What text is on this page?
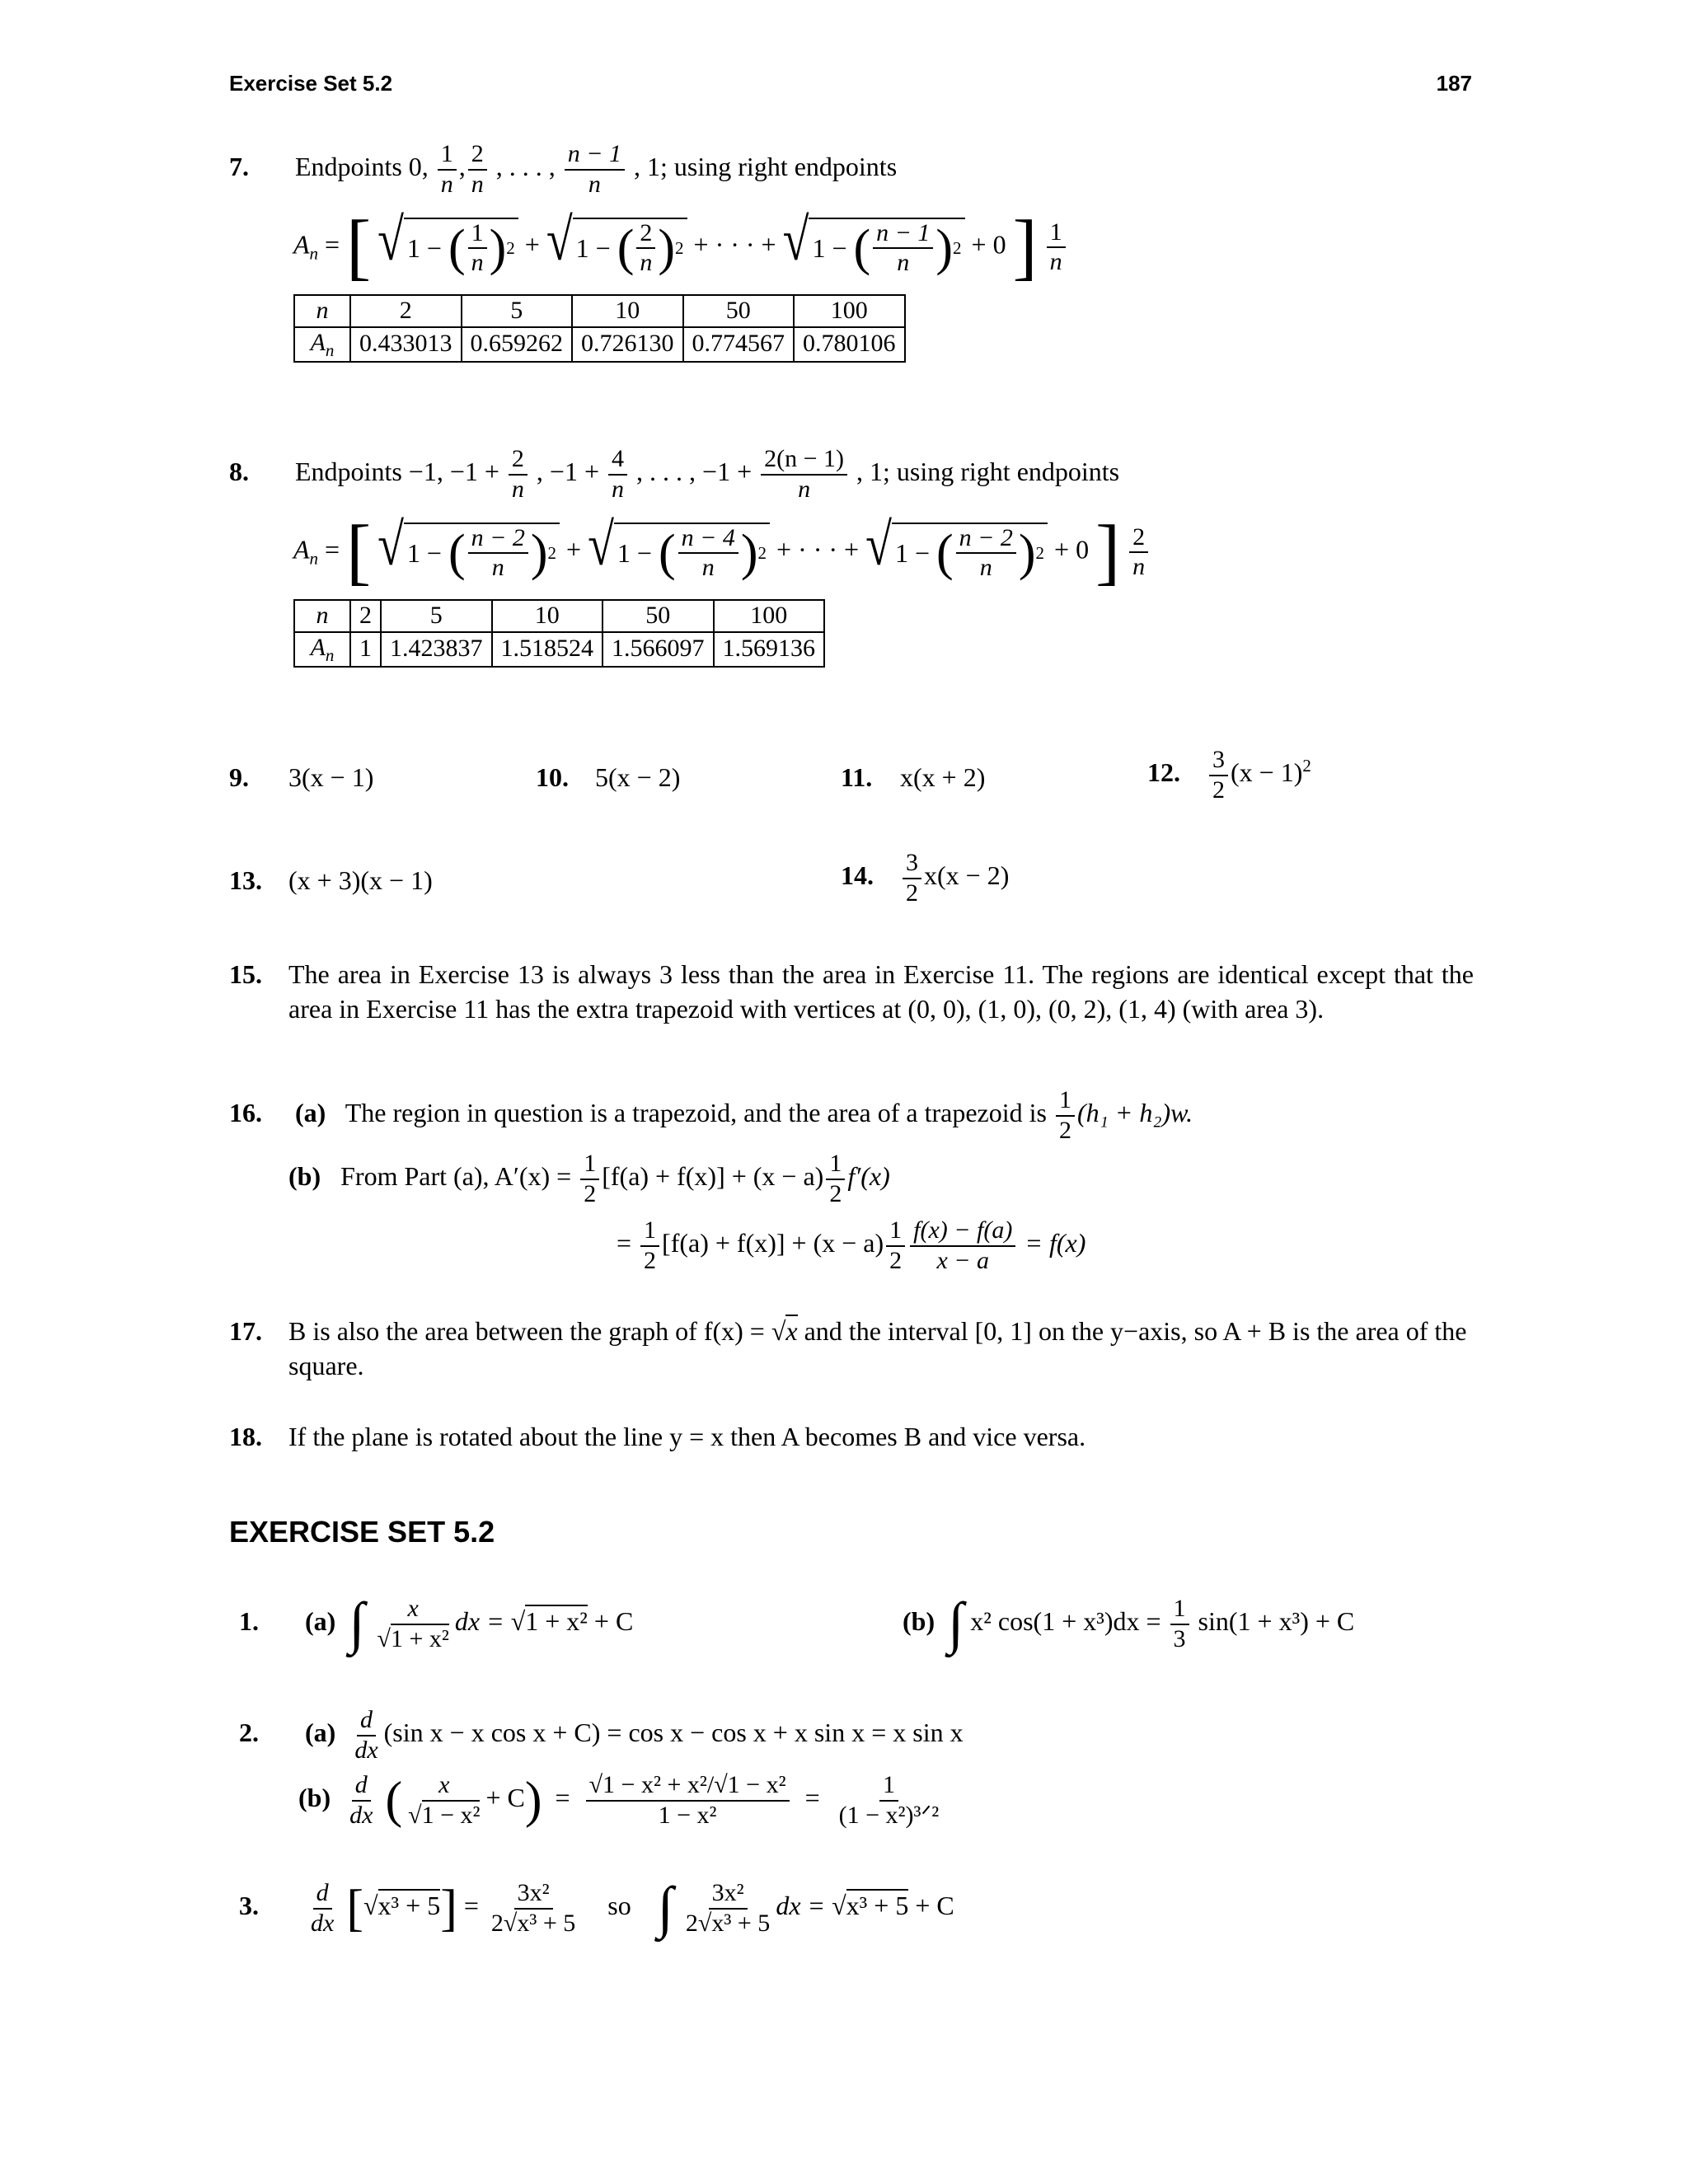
Exercise Set 5.2	187
7. Endpoints 0, $\frac{1}{n}$ , $\frac{2}{n}$ , . . . , $\frac{n - 1}{n}$ , 1; using right endpoints
$A_n$ = [ √ 1 −
( $\frac{1}{n}$ ) 2 + √ 1 −
( $\frac{2}{n}$ ) 2 + · · · + √ 1 −
( $\frac{n - 1}{n}$ ) 2 + 0 ] $\frac{1}{n}$
n	2	5	10	50	100
$A_n$	0.433013	0.659262	0.726130	0.774567	0.780106
8. Endpoints −1, $-1 + \frac{2}{n}$ , $-1 + \frac{4}{n}$ , . . . , $-1 + \frac{2(n - 1)}{n}$ , 1; using right endpoints
$A_n$ = [ √ 1 −
( $\frac{n - 2}{n}$ ) 2 + √ 1 −
( $\frac{n - 4}{n}$ ) 2 + · · · + √ 1 −
( $\frac{n - 2}{n}$ ) 2 + 0 ] $\frac{2}{n}$
n	2	5	10	50	100
$A_n$	1	1.423837	1.518524	1.566097	1.569136
9. 3(x − 1)	10. 5(x − 2)	11. x(x + 2)	12. $\frac{3}{2} (x - 1)^2$
13. (x + 3)(x − 1)	14. $\frac{3}{2} x(x - 2)$
15.	The area in Exercise 13 is always 3 less than the area in Exercise 11. The regions are identical except that the area in Exercise 11 has the extra trapezoid with vertices at (0, 0), (1, 0), (0, 2), (1, 4) (with area 3).
16. (a) The region in question is a trapezoid, and the area of a trapezoid is $\frac{1}{2} (h_1 + h_2)w$.
(b) From Part (a), $A'(x) = \frac{1}{2} [f(a) + f(x)] + (x - a) \frac{1}{2} f'(x)$
= $\frac{1}{2} [f(a) + f(x)] + (x - a) \frac{1}{2} \frac{f(x) - f(a)}{x - a} = f(x)$
17.	B is also the area between the graph of f(x) = √x and the interval [0, 1] on the y−axis, so A + B is the area of the square.
18.	If the plane is rotated about the line y = x then A becomes B and vice versa.
EXERCISE SET 5.2
1. (a) ∫ $\frac{x}{\text{√1 + x²}}$ dx = √1 + x² + C	(b) ∫ x² $\cos(1 + x^3)dx = \frac{1}{3} \sin(1 + x^3) + C$
2. $(a) \frac{d}{dx} (\sin$ x − x cos x + C) = cos x − cos x + x sin x = x sin x
$(b) \frac{d}{dx}$ ( $\frac{x}{\text{√1 − x²}} + C) = \frac{\text{√1 − x² + x²/√1 − x²}}{\text{1 − x²}} = \frac{1}{\text{(1 − x²)³ᐟ²}}$
3. $\frac{d}{dx} [√x^3 + 5] = \frac{\text{3x²}}{\text{2√x³ + 5}}$ so ∫ $\frac{\text{3x²}}{\text{2√x³ + 5}}$ dx = √x³ + 5 + C
